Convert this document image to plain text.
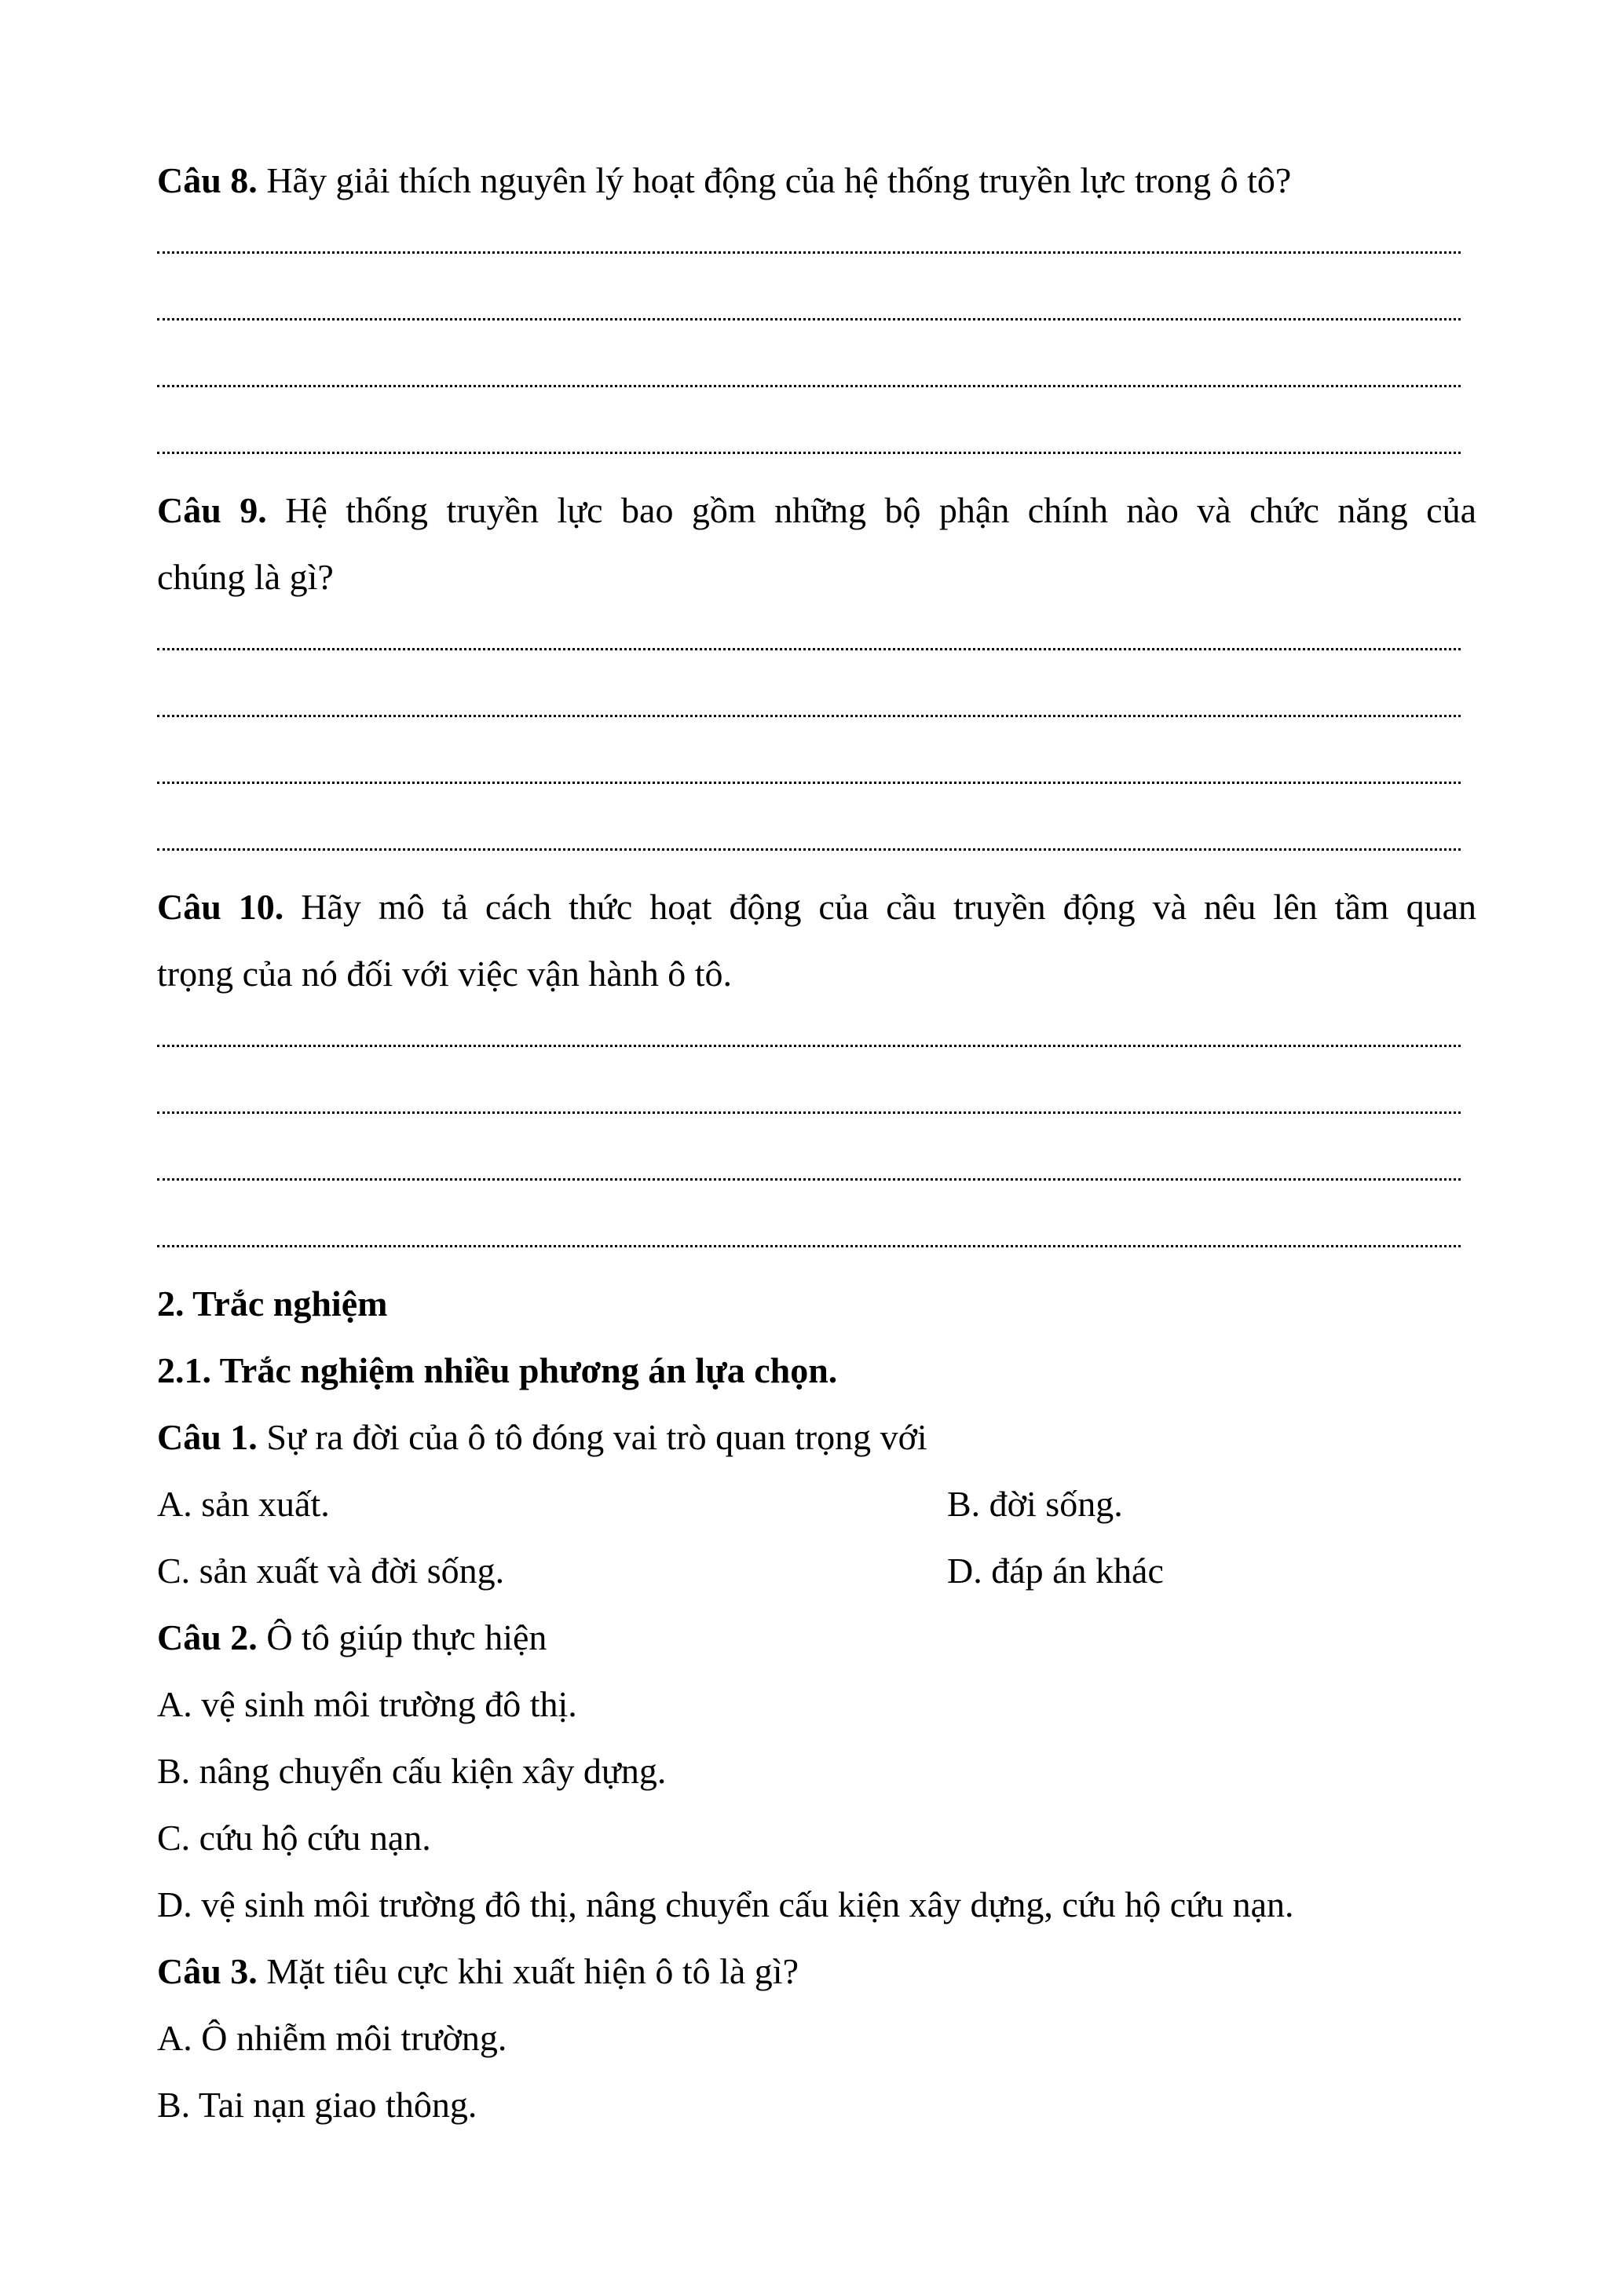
Câu 8. Hãy giải thích nguyên lý hoạt động của hệ thống truyền lực trong ô tô?
Câu 9. Hệ thống truyền lực bao gồm những bộ phận chính nào và chức năng của
chúng là gì?
Câu 10. Hãy mô tả cách thức hoạt động của cầu truyền động và nêu lên tầm quan
trọng của nó đối với việc vận hành ô tô.
2. Trắc nghiệm
2.1. Trắc nghiệm nhiều phương án lựa chọn.
Câu 1. Sự ra đời của ô tô đóng vai trò quan trọng với
A. sản xuất.	B. đời sống.
C. sản xuất và đời sống.	D. đáp án khác
Câu 2. Ô tô giúp thực hiện
A. vệ sinh môi trường đô thị.
B. nâng chuyển cấu kiện xây dựng.
C. cứu hộ cứu nạn.
D. vệ sinh môi trường đô thị, nâng chuyển cấu kiện xây dựng, cứu hộ cứu nạn.
Câu 3. Mặt tiêu cực khi xuất hiện ô tô là gì?
A. Ô nhiễm môi trường.
B. Tai nạn giao thông.
